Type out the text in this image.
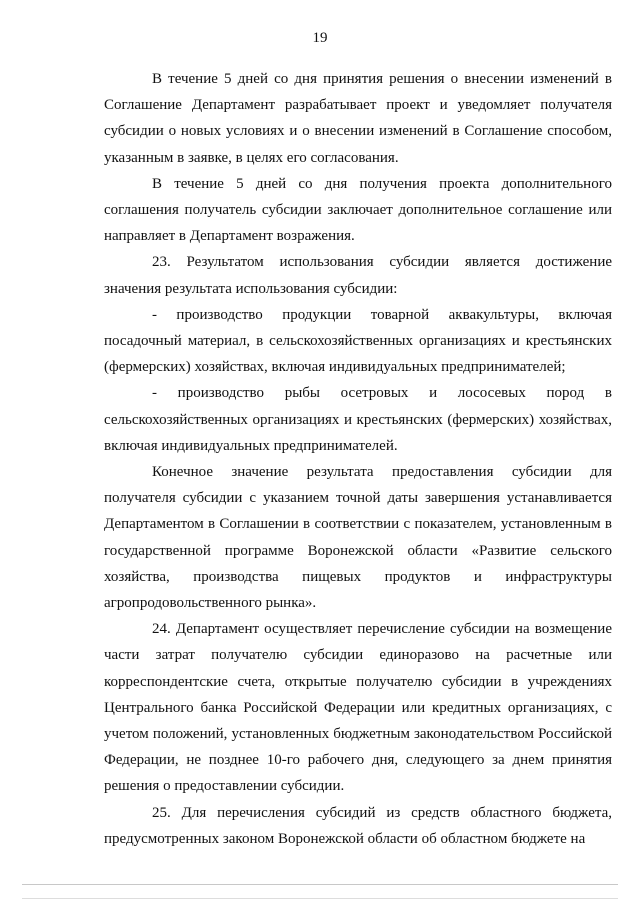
19

В течение 5 дней со дня принятия решения о внесении изменений в Соглашение Департамент разрабатывает проект и уведомляет получателя субсидии о новых условиях и о внесении изменений в Соглашение способом, указанным в заявке, в целях его согласования.

В течение 5 дней со дня получения проекта дополнительного соглашения получатель субсидии заключает дополнительное соглашение или направляет в Департамент возражения.

23. Результатом использования субсидии является достижение значения результата использования субсидии:

- производство продукции товарной аквакультуры, включая посадочный материал, в сельскохозяйственных организациях и крестьянских (фермерских) хозяйствах, включая индивидуальных предпринимателей;

- производство рыбы осетровых и лососевых пород в сельскохозяйственных организациях и крестьянских (фермерских) хозяйствах, включая индивидуальных предпринимателей.

Конечное значение результата предоставления субсидии для получателя субсидии с указанием точной даты завершения устанавливается Департаментом в Соглашении в соответствии с показателем, установленным в государственной программе Воронежской области «Развитие сельского хозяйства, производства пищевых продуктов и инфраструктуры агропродовольственного рынка».

24. Департамент осуществляет перечисление субсидии на возмещение части затрат получателю субсидии единоразово на расчетные или корреспондентские счета, открытые получателю субсидии в учреждениях Центрального банка Российской Федерации или кредитных организациях, с учетом положений, установленных бюджетным законодательством Российской Федерации, не позднее 10-го рабочего дня, следующего за днем принятия решения о предоставлении субсидии.

25. Для перечисления субсидий из средств областного бюджета, предусмотренных законом Воронежской области об областном бюджете на
